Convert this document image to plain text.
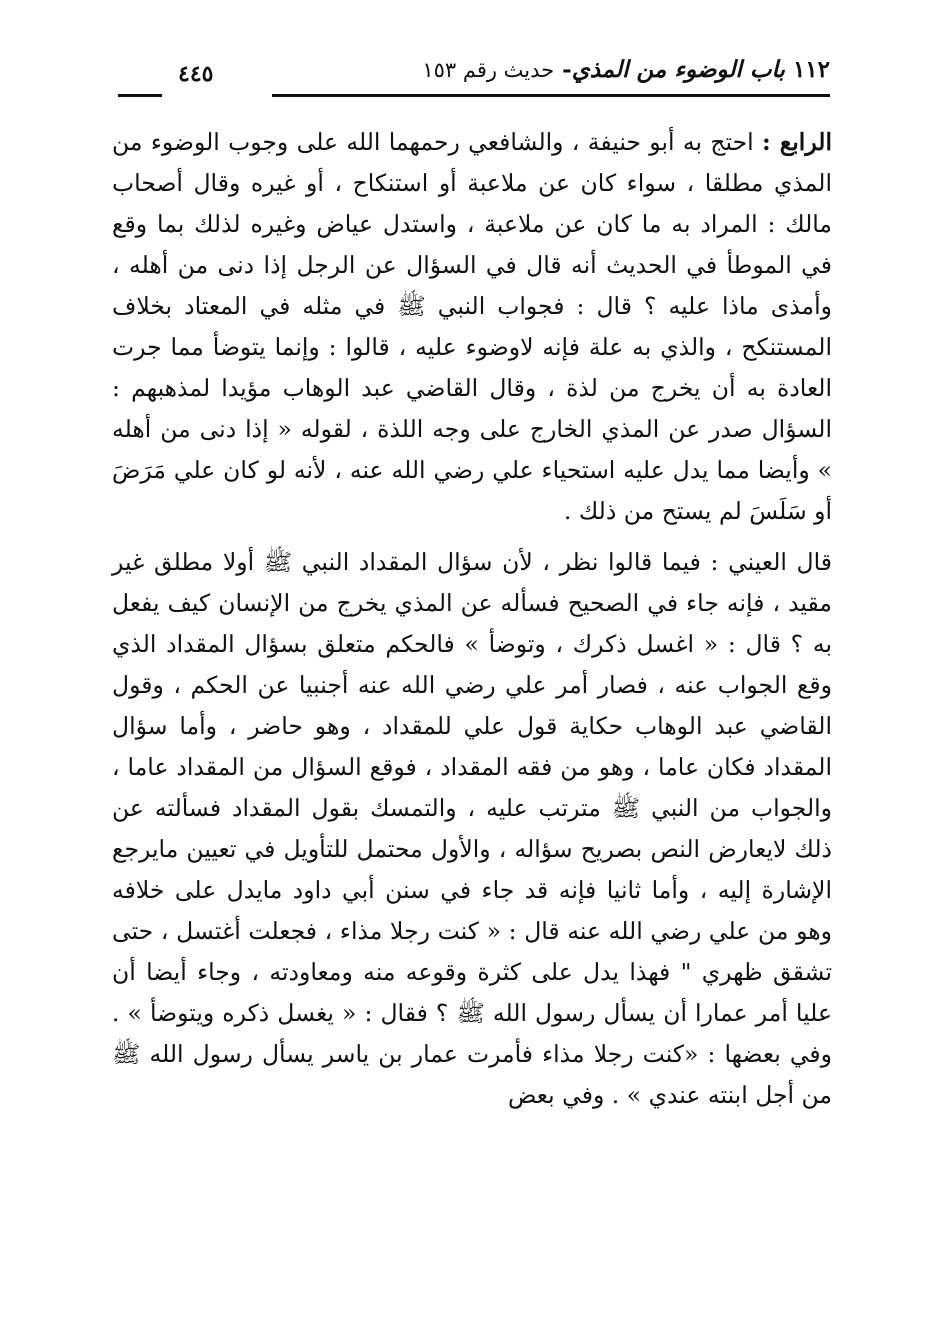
١١٢ باب الوضوء من المذي- حديث رقم ١٥٣
٤٤٥

الرابع : احتج به أبو حنيفة ، والشافعي رحمهما الله على وجوب الوضوء من المذي مطلقا ، سواء كان عن ملاعبة أو استنكاح ، أو غيره وقال أصحاب مالك : المراد به ما كان عن ملاعبة ، واستدل عياض وغيره لذلك بما وقع في الموطأ في الحديث أنه قال في السؤال عن الرجل إذا دنى من أهله ، وأمذى ماذا عليه ؟ قال : فجواب النبي ﷺ في مثله في المعتاد بخلاف المستنكح ، والذي به علة فإنه لاوضوء عليه ، قالوا : وإنما يتوضأ مما جرت العادة به أن يخرج من لذة ، وقال القاضي عبد الوهاب مؤيدا لمذهبهم : السؤال صدر عن المذي الخارج على وجه اللذة ، لقوله « إذا دنى من أهله » وأيضا مما يدل عليه استحياء علي رضي الله عنه ، لأنه لو كان علي مَرَضَ أو سَلَسَ لم يستح من ذلك .

قال العيني : فيما قالوا نظر ، لأن سؤال المقداد النبي ﷺ أولا مطلق غير مقيد ، فإنه جاء في الصحيح فسأله عن المذي يخرج من الإنسان كيف يفعل به ؟ قال : « اغسل ذكرك ، وتوضأ » فالحكم متعلق بسؤال المقداد الذي وقع الجواب عنه ، فصار أمر علي رضي الله عنه أجنبيا عن الحكم ، وقول القاضي عبد الوهاب حكاية قول علي للمقداد ، وهو حاضر ، وأما سؤال المقداد فكان عاما ، وهو من فقه المقداد ، فوقع السؤال من المقداد عاما ، والجواب من النبي ﷺ مترتب عليه ، والتمسك بقول المقداد فسألته عن ذلك لايعارض النص بصريح سؤاله ، والأول محتمل للتأويل في تعيين مايرجع الإشارة إليه ، وأما ثانيا فإنه قد جاء في سنن أبي داود مايدل على خلافه وهو من علي رضي الله عنه قال : « كنت رجلا مذاء ، فجعلت أغتسل ، حتى تشقق ظهري " فهذا يدل على كثرة وقوعه منه ومعاودته ، وجاء أيضا أن عليا أمر عمارا أن يسأل رسول الله ﷺ ؟ فقال : « يغسل ذكره ويتوضأ » . وفي بعضها : «كنت رجلا مذاء فأمرت عمار بن ياسر يسأل رسول الله ﷺ من أجل ابنته عندي » . وفي بعض
